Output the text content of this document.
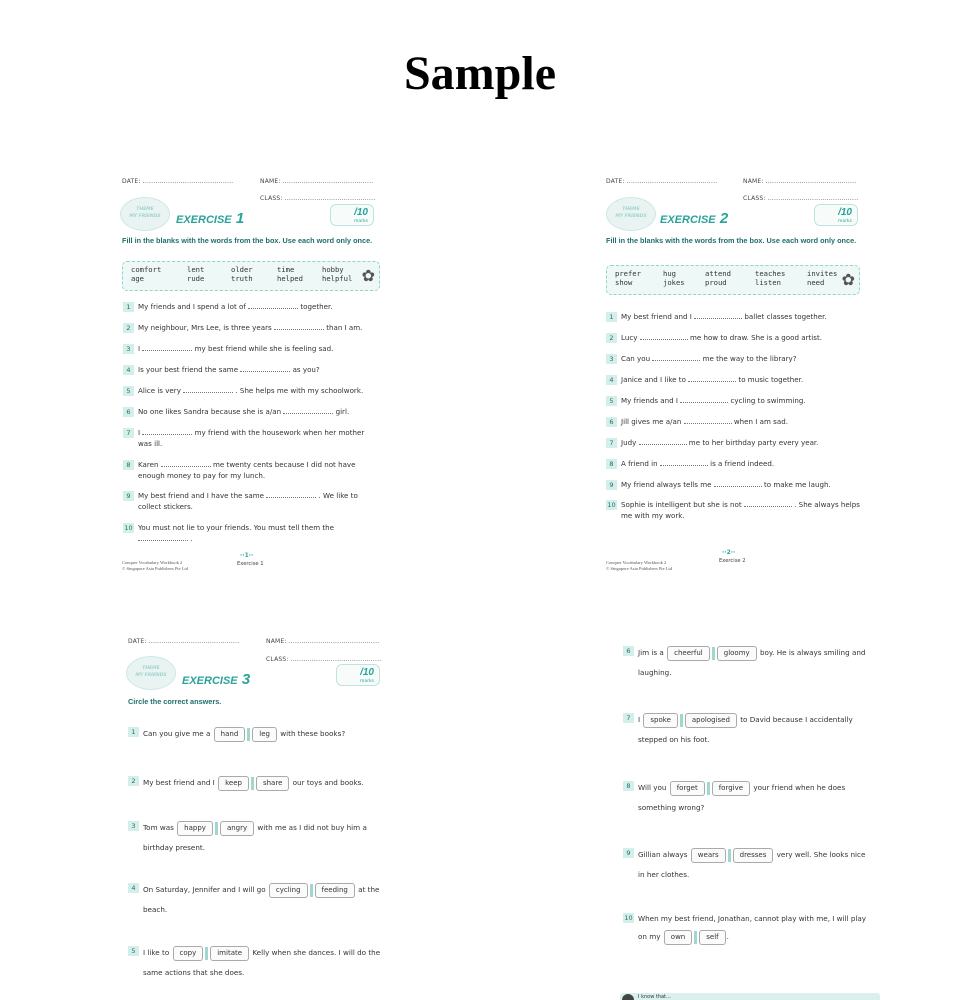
Sample
DATE: ...........................................	NAME: ...........................................
CLASS: ...........................................
THEME
MY FRIENDS	EXERCISE 1	/10
marks
Fill in the blanks with the words from the box. Use each word only once.
comfort	lent	older	time	hobby
age	rude	truth	helped	helpful ✿
1	My friends and I spend a lot of	together.
2	My neighbour, Mrs Lee, is three years	than I am.
3	I	my best friend while she is feeling sad.
4	Is your best friend the same	as you?
5	Alice is very	. She helps me with my schoolwork.
6	No one likes Sandra because she is a/an	girl.
7	I	my friend with the housework when her mother was ill.
8	Karen	me twenty cents because I did not have enough money to pay for my lunch.
9	My best friend and I have the same	. We like to collect stickers.
10 You must not lie to your friends. You must tell them the  .
Conquer Vocabulary Workbook 2
© Singapore Asia Publishers Pte Ltd
··1··
Exercise 1
DATE: ...........................................	NAME: ...........................................
CLASS: ...........................................
THEME
MY FRIENDS	EXERCISE 2	/10
marks
Fill in the blanks with the words from the box. Use each word only once.
prefer	hug	attend	teaches	invites
show	jokes	proud	listen	need	✿
1	My best friend and I	ballet classes together.
2	Lucy	me how to draw. She is a good artist.
3	Can you	me the way to the library?
4	Janice and I like to	to music together.
5	My friends and I	cycling to swimming.
6	Jill gives me a/an	when I am sad.
7	Judy	me to her birthday party every year.
8	A friend in	is a friend indeed.
9	My friend always tells me	to make me laugh.
10 Sophie is intelligent but she is not	. She always helps me with my work.
Conquer Vocabulary Workbook 2
© Singapore Asia Publishers Pte Ltd
··2··
Exercise 2
DATE: ...........................................	NAME: ...........................................
CLASS: ...........................................
THEME
MY FRIENDS	EXERCISE 3	/10
marks
Circle the correct answers.
1	Can you give me a hand	leg with these books?
2	My best friend and I keep	share our toys and books.
3	Tom was happy	angry with me as I did not buy him a
birthday present.
4	On Saturday, Jennifer and I will go cycling	feeding at the
beach.
5	I like to copy	imitate Kelly when she dances. I will do the
same actions that she does.
6	Jim is a cheerful	gloomy boy. He is always smiling and
laughing.
7	I spoke	apologised to David because I accidentally
stepped on his foot.
8	Will you forget	forgive your friend when he does
something wrong?
9	Gillian always wears	dresses very well. She looks nice
in her clothes.
10 When my best friend, Jonathan, cannot play with me, I will play
on my own	self .
I know that...
